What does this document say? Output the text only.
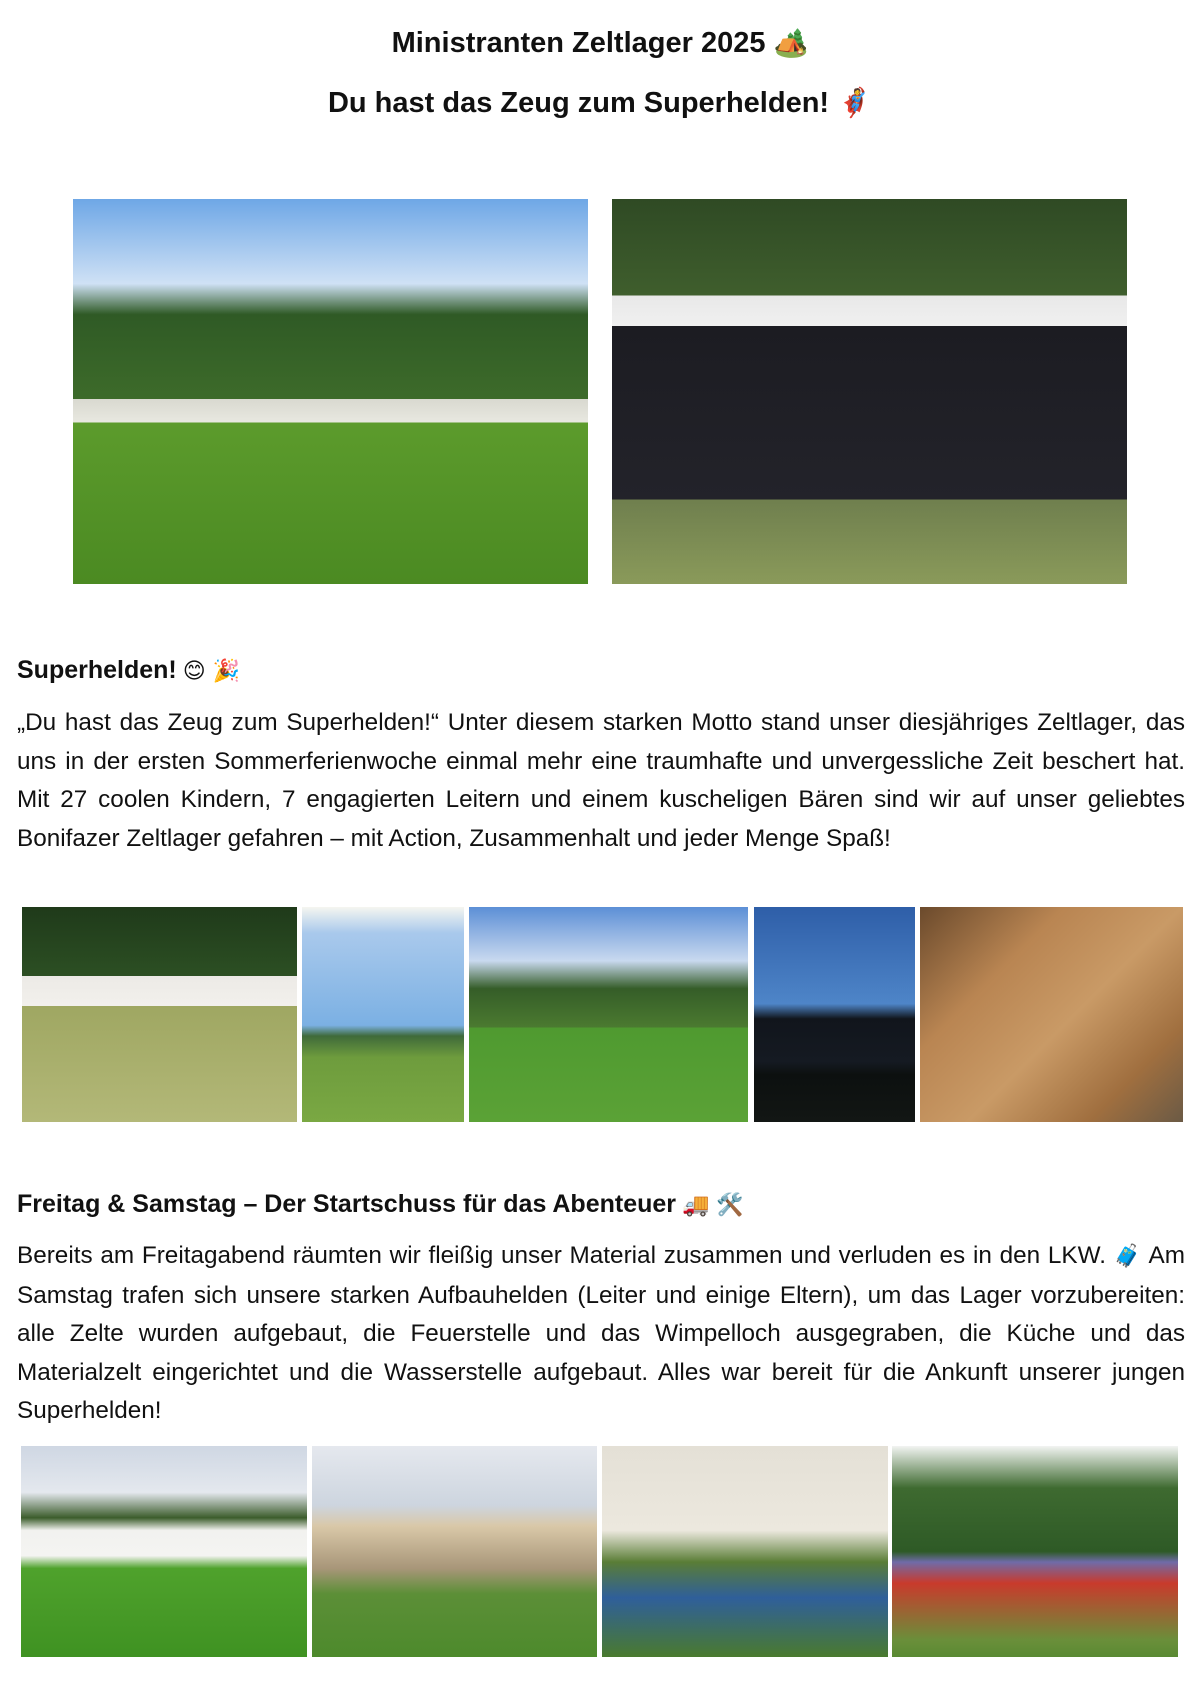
Ministranten Zeltlager 2025 🏕️
Du hast das Zeug zum Superhelden! 🦸
Superhelden! 😊 🎉
„Du hast das Zeug zum Superhelden!“ Unter diesem starken Motto stand unser diesjähriges Zeltlager, das uns in der ersten Sommerferienwoche einmal mehr eine traumhafte und unvergessliche Zeit beschert hat. Mit 27 coolen Kindern, 7 engagierten Leitern und einem kuscheligen Bären sind wir auf unser geliebtes Bonifazer Zeltlager gefahren – mit Action, Zusammenhalt und jeder Menge Spaß!
Freitag & Samstag – Der Startschuss für das Abenteuer 🚚 🛠️
Bereits am Freitagabend räumten wir fleißig unser Material zusammen und verluden es in den LKW. 🧳 Am Samstag trafen sich unsere starken Aufbauhelden (Leiter und einige Eltern), um das Lager vorzubereiten: alle Zelte wurden aufgebaut, die Feuerstelle und das Wimpelloch ausgegraben, die Küche und das Materialzelt eingerichtet und die Wasserstelle aufgebaut. Alles war bereit für die Ankunft unserer jungen Superhelden!
